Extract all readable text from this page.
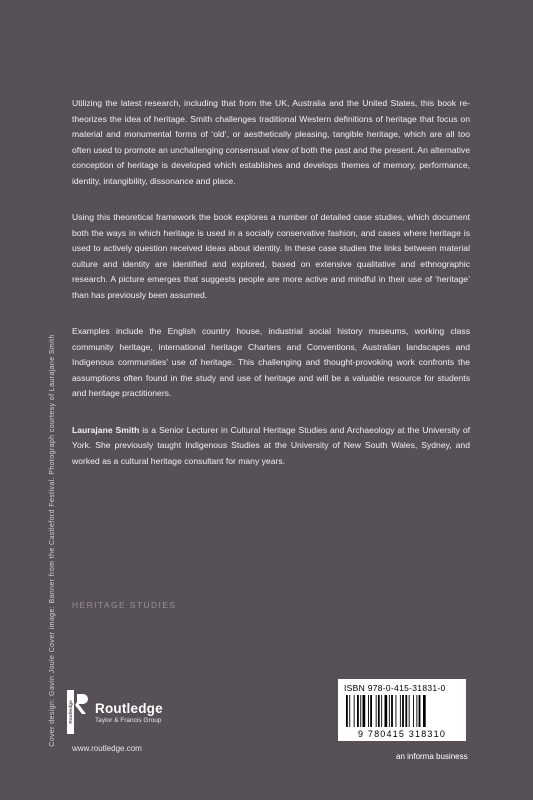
Cover design: Gavin Joule Cover image: Banner from the Castleford Festival. Photograph courtesy of Laurajane Smith

Utilizing the latest research, including that from the UK, Australia and the United States, this book re-theorizes the idea of heritage. Smith challenges traditional Western definitions of heritage that focus on material and monumental forms of ‘old’, or aesthetically pleasing, tangible heritage, which are all too often used to promote an unchallenging consensual view of both the past and the present. An alternative conception of heritage is developed which establishes and develops themes of memory, performance, identity, intangibility, dissonance and place.

Using this theoretical framework the book explores a number of detailed case studies, which document both the ways in which heritage is used in a socially conservative fashion, and cases where heritage is used to actively question received ideas about identity. In these case studies the links between material culture and identity are identified and explored, based on extensive qualitative and ethnographic research. A picture emerges that suggests people are more active and mindful in their use of ‘heritage’ than has previously been assumed.

Examples include the English country house, industrial social history museums, working class community heritage, international heritage Charters and Conventions, Australian landscapes and Indigenous communities’ use of heritage. This challenging and thought-provoking work confronts the assumptions often found in the study and use of heritage and will be a valuable resource for students and heritage practitioners.

Laurajane Smith is a Senior Lecturer in Cultural Heritage Studies and Archaeology at the University of York. She previously taught Indigenous Studies at the University of New South Wales, Sydney, and worked as a cultural heritage consultant for many years.

HERITAGE STUDIES
Routledge Routledge
Taylor & Francis Group
www.routledge.com
ISBN 978-0-415-31831-0
9 780415 318310
an informa business
